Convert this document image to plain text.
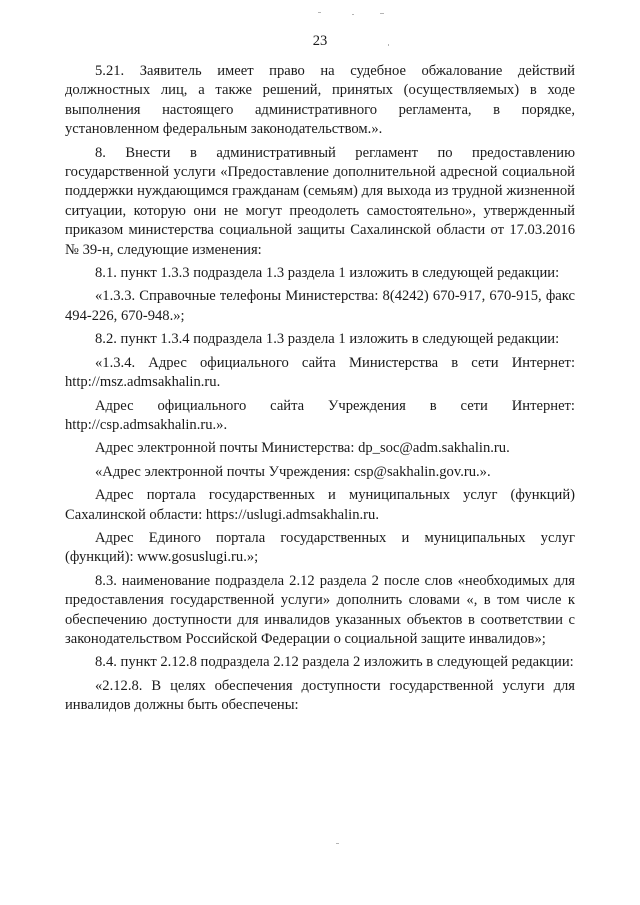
23

5.21. Заявитель имеет право на судебное обжалование действий должностных лиц, а также решений, принятых (осуществляемых) в ходе выполнения настоящего административного регламента, в порядке, установленном федеральным законодательством.».

8. Внести в административный регламент по предоставлению государственной услуги «Предоставление дополнительной адресной социальной поддержки нуждающимся гражданам (семьям) для выхода из трудной жизненной ситуации, которую они не могут преодолеть самостоятельно», утвержденный приказом министерства социальной защиты Сахалинской области от 17.03.2016 № 39-н, следующие изменения:

8.1. пункт 1.3.3 подраздела 1.3 раздела 1 изложить в следующей редакции:

«1.3.3. Справочные телефоны Министерства: 8(4242) 670-917, 670-915, факс 494-226, 670-948.»;

8.2. пункт 1.3.4 подраздела 1.3 раздела 1 изложить в следующей редакции:

«1.3.4. Адрес официального сайта Министерства в сети Интернет: http://msz.admsakhalin.ru.

Адрес официального сайта Учреждения в сети Интернет: http://csp.admsakhalin.ru.».

Адрес электронной почты Министерства: dp_soc@adm.sakhalin.ru.

«Адрес электронной почты Учреждения: csp@sakhalin.gov.ru.».

Адрес портала государственных и муниципальных услуг (функций) Сахалинской области: https://uslugi.admsakhalin.ru.

Адрес Единого портала государственных и муниципальных услуг (функций): www.gosuslugi.ru.»;

8.3. наименование подраздела 2.12 раздела 2 после слов «необходимых для предоставления государственной услуги» дополнить словами «, в том числе к обеспечению доступности для инвалидов указанных объектов в соответствии с законодательством Российской Федерации о социальной защите инвалидов»;

8.4. пункт 2.12.8 подраздела 2.12 раздела 2 изложить в следующей редакции:

«2.12.8. В целях обеспечения доступности государственной услуги для инвалидов должны быть обеспечены:
